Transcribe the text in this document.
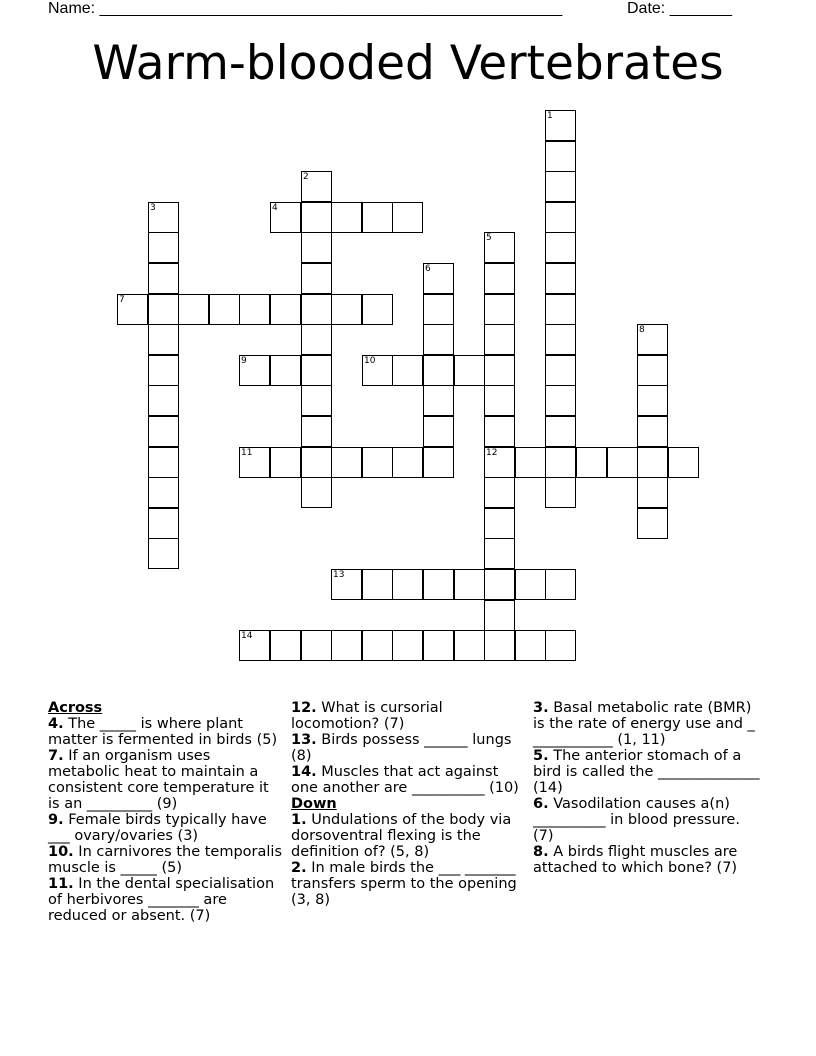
Name: ____________________________________________________	Date: _______
Warm-blooded Vertebrates
1
2
3	4
5
12
6
7
8
9	10
11
13
14
Across
4. The _____ is where plant matter is fermented in birds (5)
7. If an organism uses metabolic heat to maintain a consistent core temperature it is an _________ (9)
9. Female birds typically have ___ ovary/ovaries (3)
10. In carnivores the temporalis muscle is _____ (5)
11. In the dental specialisation of herbivores _______ are reduced or absent. (7)
12. What is cursorial locomotion? (7)
13. Birds possess ______ lungs (8)
14. Muscles that act against one another are __________ (10)
Down
1. Undulations of the body via dorsoventral flexing is the definition of? (5, 8)
2. In male birds the ___ _______ transfers sperm to the opening (3, 8)
3. Basal metabolic rate (BMR) is the rate of energy use and _ ___________ (1, 11)
5. The anterior stomach of a bird is called the ______________ (14)
6. Vasodilation causes a(n) __________ in blood pressure. (7)
8. A birds flight muscles are attached to which bone? (7)
